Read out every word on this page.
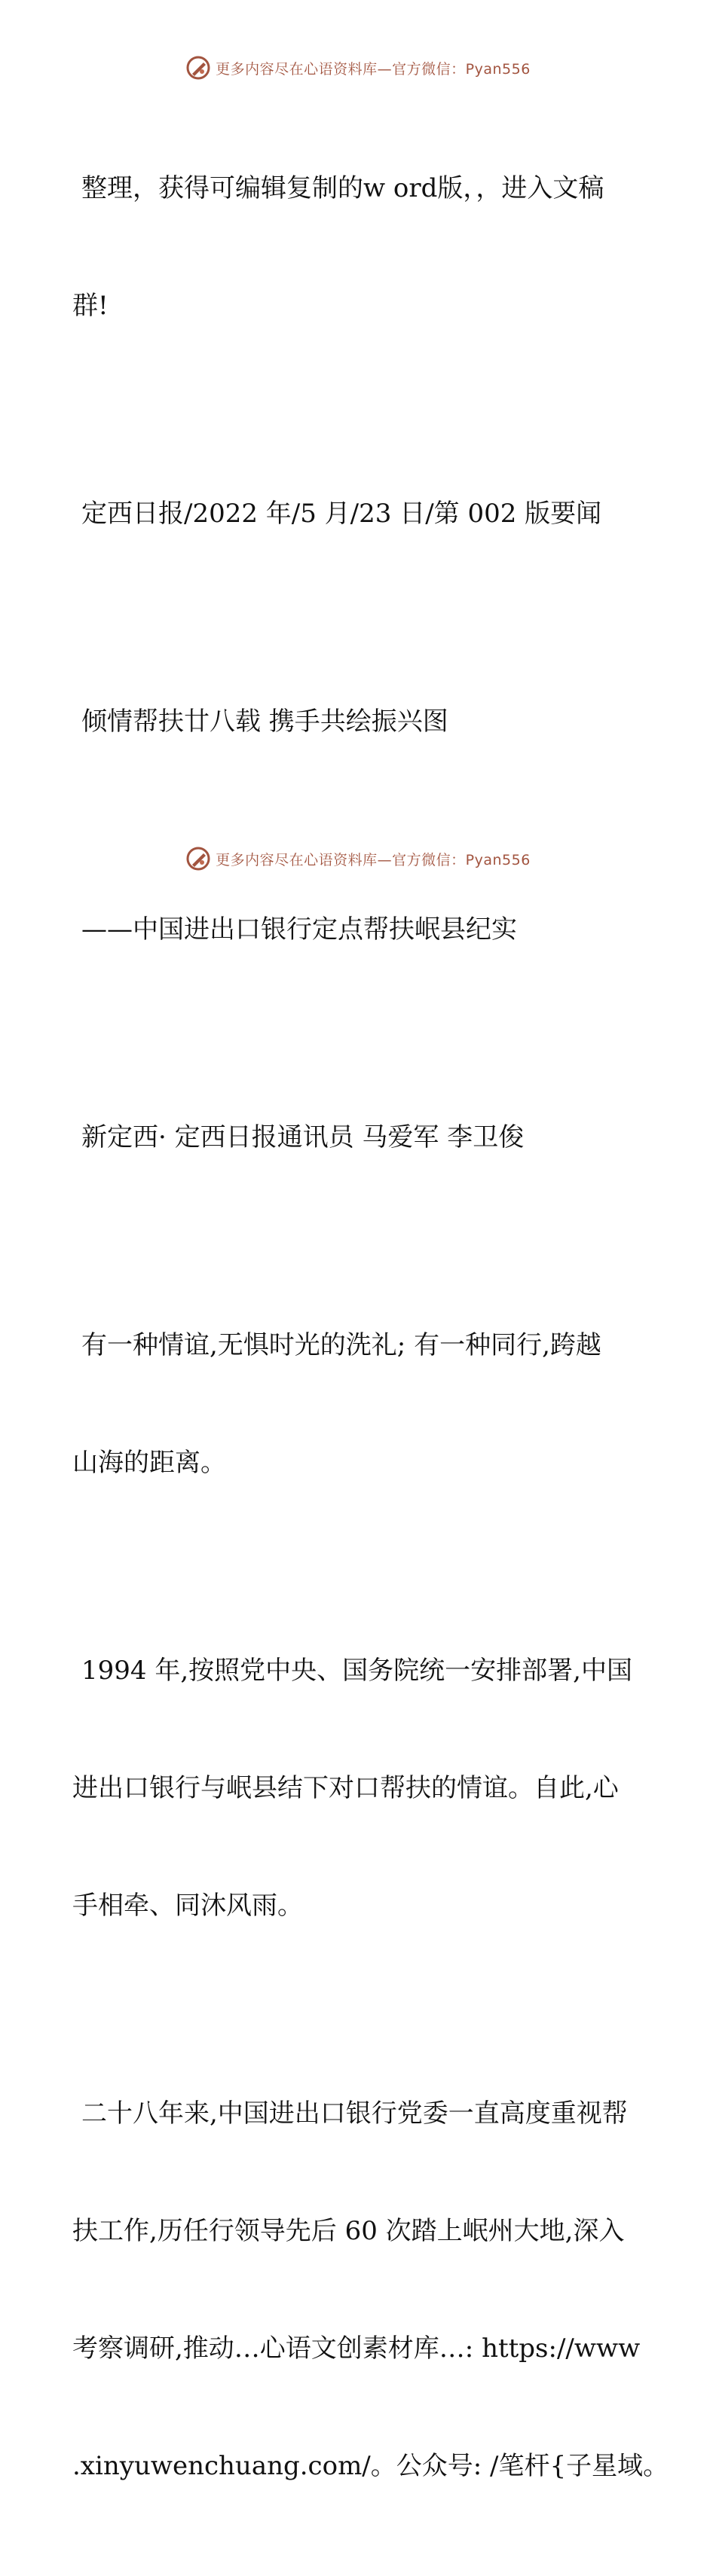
更多内容尽在心语资料库—官方微信：Pyan556

整理，获得可编辑复制的w ord版，，进入文稿

群!

定西日报/2022 年/5 月/23 日/第 002 版要闻

倾情帮扶廿八载 携手共绘振兴图

——中国进出口银行定点帮扶岷县纪实

新定西· 定西日报通讯员 马爱军 李卫俊

有一种情谊,无惧时光的洗礼; 有一种同行,跨越

山海的距离。

1994 年,按照党中央、国务院统一安排部署,中国

进出口银行与岷县结下对口帮扶的情谊。自此,心

手相牵、同沐风雨。

二十八年来,中国进出口银行党委一直高度重视帮

扶工作,历任行领导先后 60 次踏上岷州大地,深入

考察调研,推动…心语文创素材库…: https://www

.xinyuwenchuang.com/。公众号: /笔杆{子星域。

更多内容尽在心语资料库—官方微信：Pyan556
